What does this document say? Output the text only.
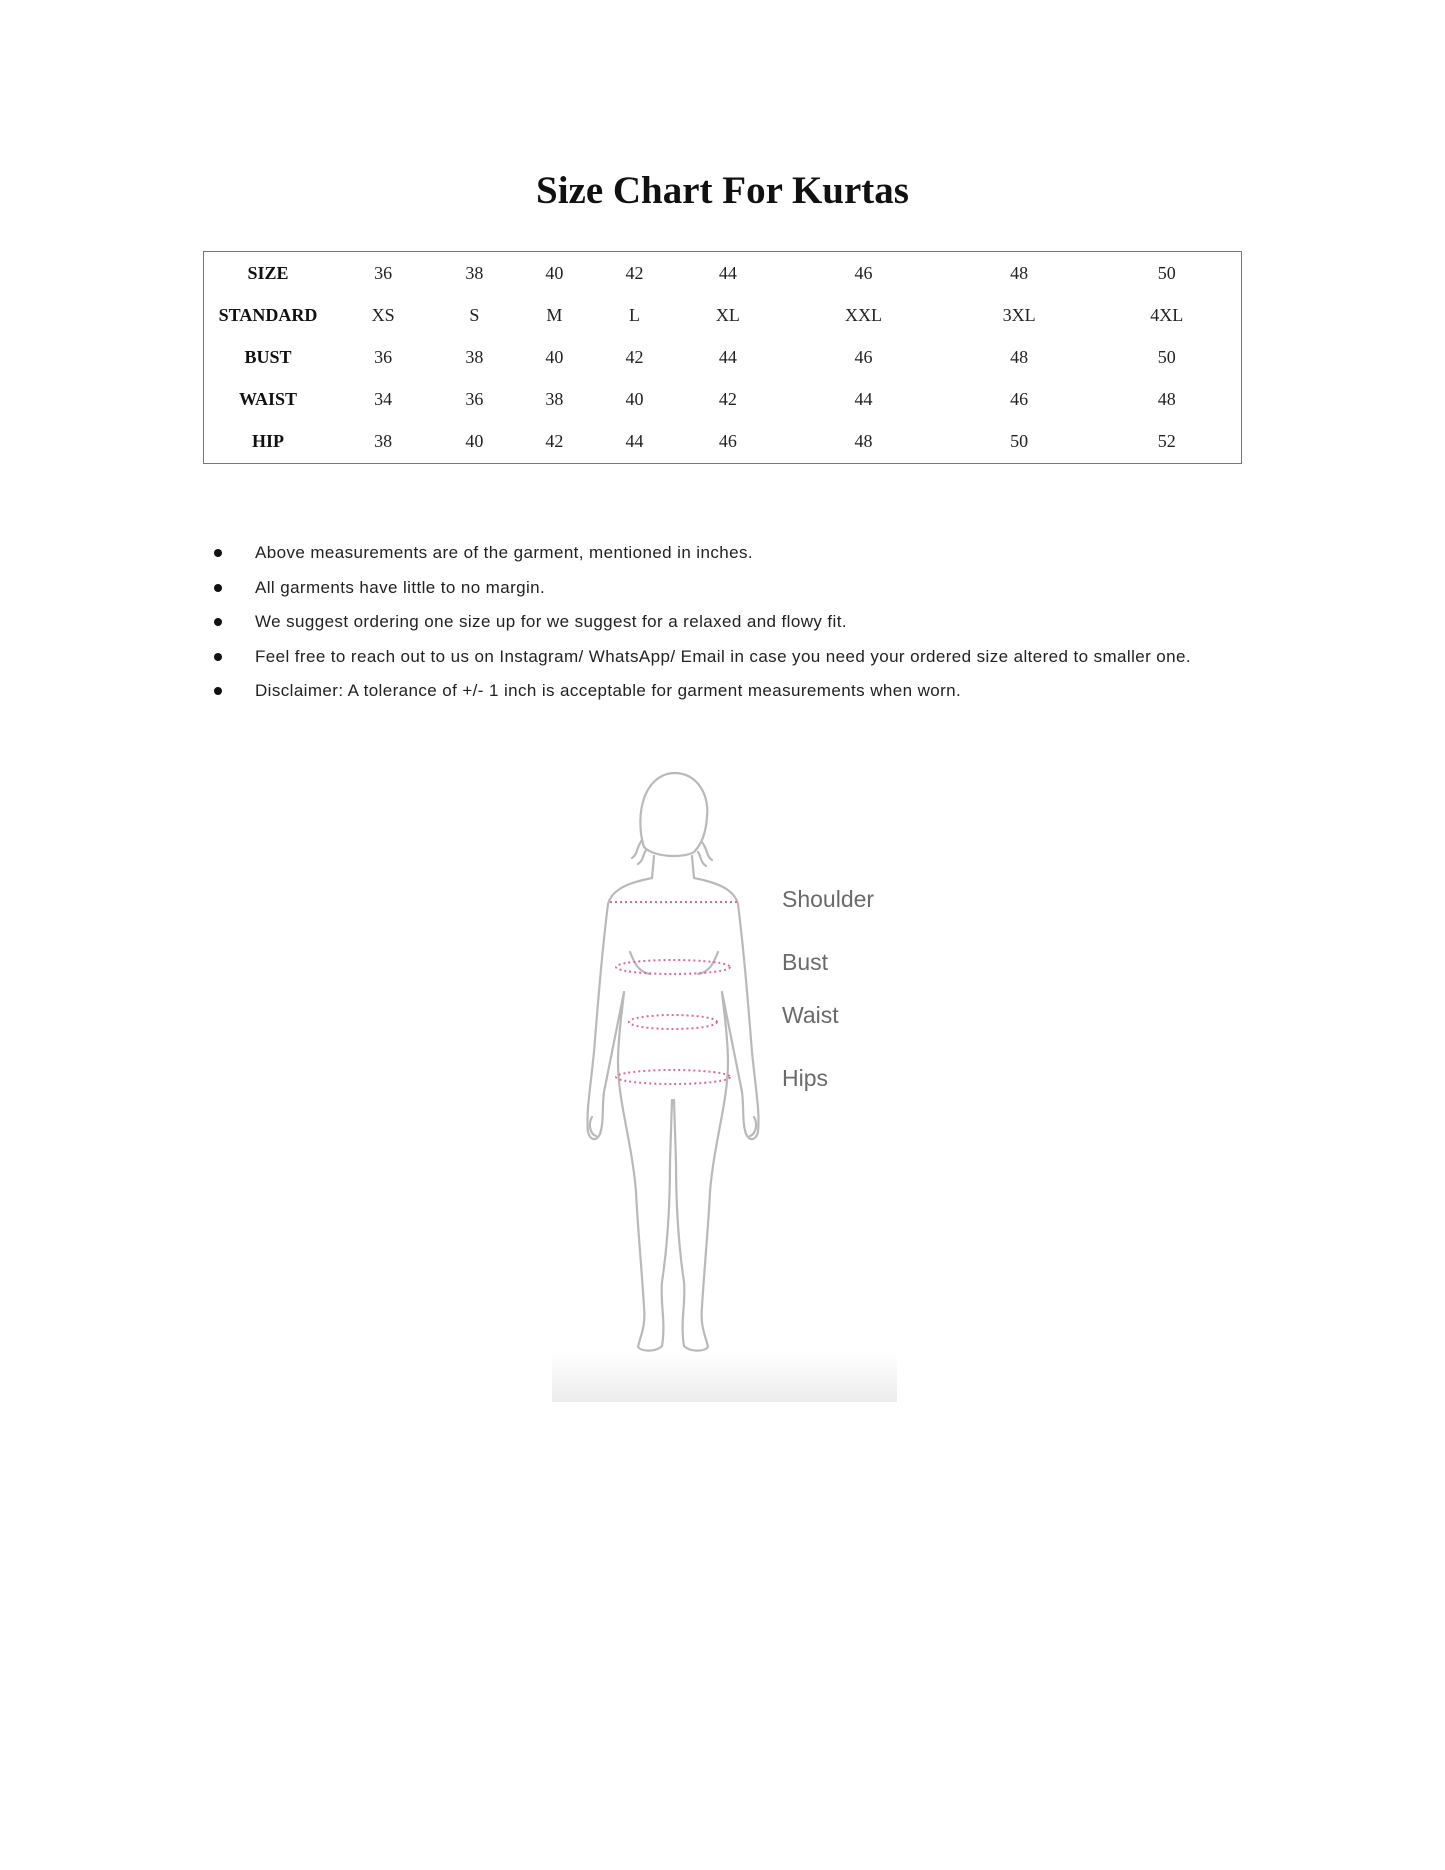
Size Chart For Kurtas
SIZE	36	38	40	42	44	46	48	50
STANDARD	XS	S	M	L	XL	XXL	3XL	4XL
BUST	36	38	40	42	44	46	48	50
WAIST	34	36	38	40	42	44	46	48
HIP	38	40	42	44	46	48	50	52
Above measurements are of the garment, mentioned in inches.
All garments have little to no margin.
We suggest ordering one size up for we suggest for a relaxed and flowy fit.
Feel free to reach out to us on Instagram/ WhatsApp/ Email in case you need your ordered size altered to smaller one.
Disclaimer: A tolerance of +/- 1 inch is acceptable for garment measurements when worn.
Shoulder
Bust
Waist
Hips
